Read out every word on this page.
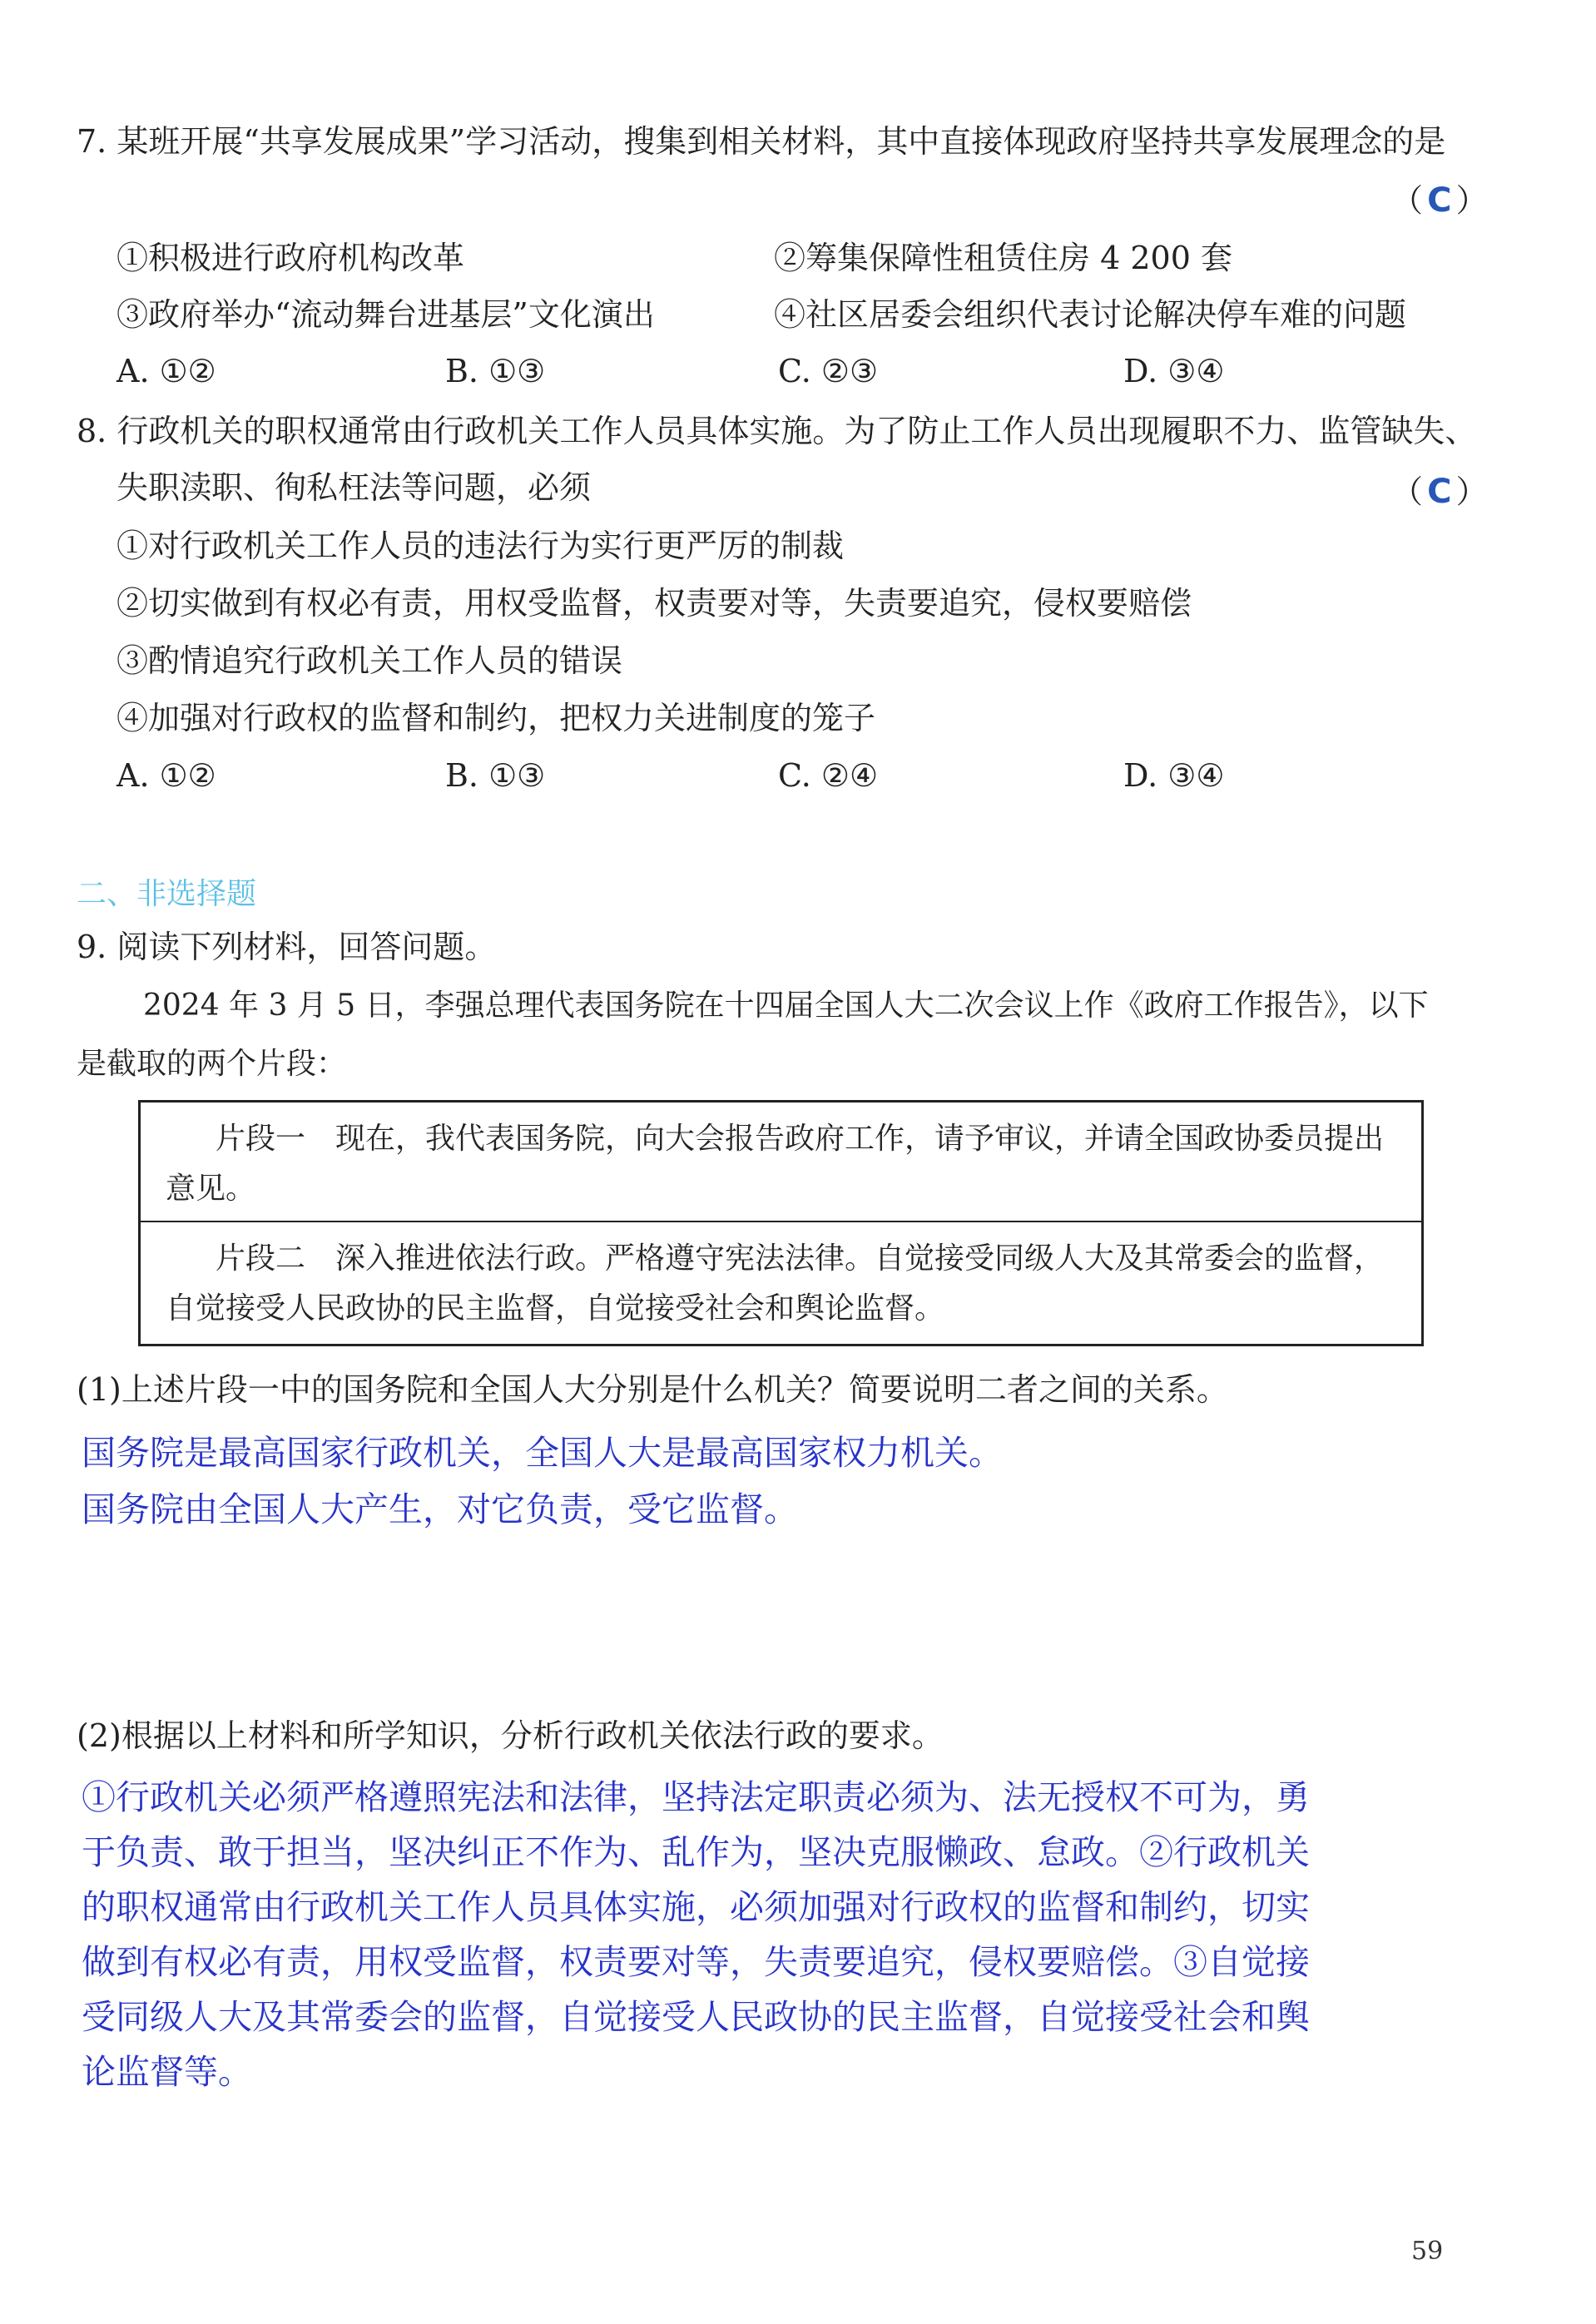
7. 某班开展“共享发展成果”学习活动，搜集到相关材料，其中直接体现政府坚持共享发展理念的是
（ C ）
①积极进行政府机构改革	②筹集保障性租赁住房 4 200 套
③政府举办“流动舞台进基层”文化演出	④社区居委会组织代表讨论解决停车难的问题
A. ①②	B. ①③	C. ②③	D. ③④
8. 行政机关的职权通常由行政机关工作人员具体实施。为了防止工作人员出现履职不力、监管缺失、
失职渎职、徇私枉法等问题，必须	（ C ）
①对行政机关工作人员的违法行为实行更严厉的制裁
②切实做到有权必有责，用权受监督，权责要对等，失责要追究，侵权要赔偿
③酌情追究行政机关工作人员的错误
④加强对行政权的监督和制约，把权力关进制度的笼子
A. ①②	B. ①③	C. ②④	D. ③④
二、非选择题
9. 阅读下列材料，回答问题。
2024 年 3 月 5 日，李强总理代表国务院在十四届全国人大二次会议上作《政府工作报告》，以下
是截取的两个片段：
片段一　现在，我代表国务院，向大会报告政府工作，请予审议，并请全国政协委员提出意见。
片段二　深入推进依法行政。严格遵守宪法法律。自觉接受同级人大及其常委会的监督，自觉接受人民政协的民主监督，自觉接受社会和舆论监督。
(1)上述片段一中的国务院和全国人大分别是什么机关？简要说明二者之间的关系。
国务院是最高国家行政机关，全国人大是最高国家权力机关。
国务院由全国人大产生，对它负责，受它监督。
(2)根据以上材料和所学知识，分析行政机关依法行政的要求。
①行政机关必须严格遵照宪法和法律，坚持法定职责必须为、法无授权不可为，勇
于负责、敢于担当，坚决纠正不作为、乱作为，坚决克服懒政、怠政。②行政机关
的职权通常由行政机关工作人员具体实施，必须加强对行政权的监督和制约，切实
做到有权必有责，用权受监督，权责要对等，失责要追究，侵权要赔偿。③自觉接
受同级人大及其常委会的监督，自觉接受人民政协的民主监督，自觉接受社会和舆
论监督等。
59
